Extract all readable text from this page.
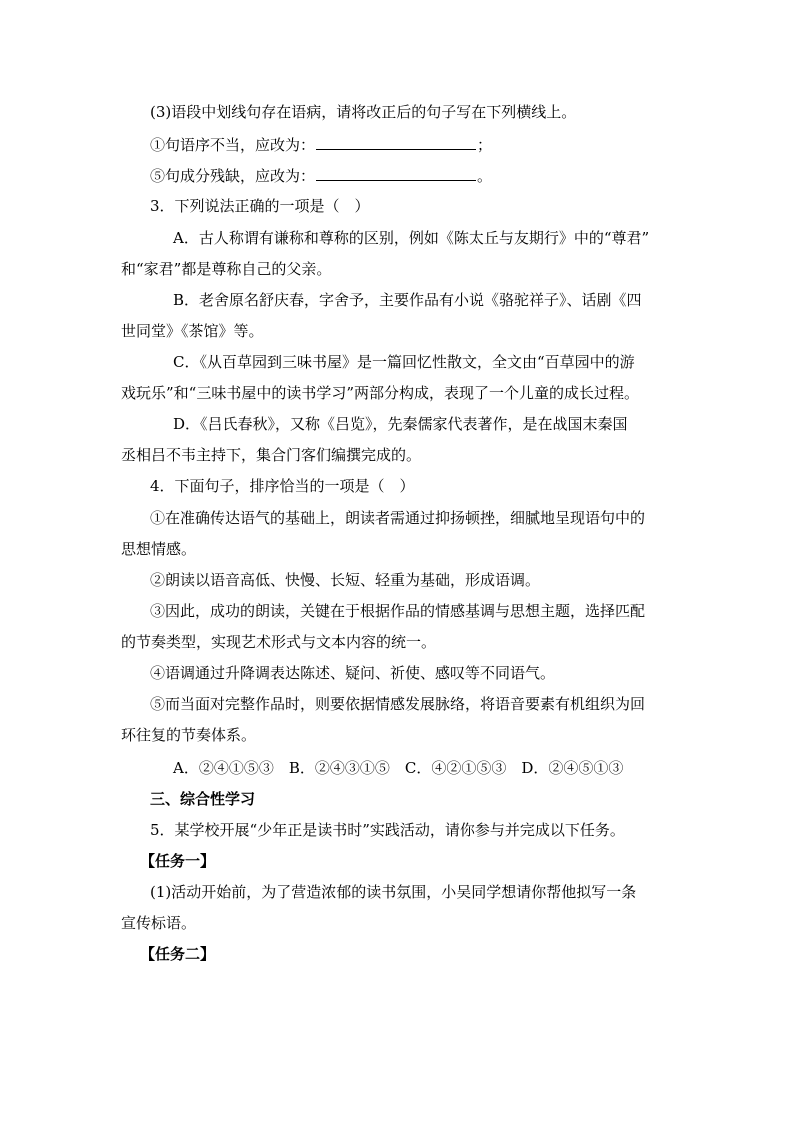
(3)语段中划线句存在语病，请将改正后的句子写在下列横线上。
①句语序不当，应改为：	；
⑤句成分残缺，应改为：	。
3．下列说法正确的一项是（　）
A．古人称谓有谦称和尊称的区别，例如《陈太丘与友期行》中的“尊君”
和“家君”都是尊称自己的父亲。
B．老舍原名舒庆春，字舍予，主要作品有小说《骆驼祥子》、话剧《四
世同堂》《茶馆》等。
C．《从百草园到三味书屋》是一篇回忆性散文，全文由“百草园中的游
戏玩乐”和“三味书屋中的读书学习”两部分构成，表现了一个儿童的成长过程。
D．《吕氏春秋》，又称《吕览》，先秦儒家代表著作，是在战国末秦国
丞相吕不韦主持下，集合门客们编撰完成的。
4．下面句子，排序恰当的一项是（　）
①在准确传达语气的基础上，朗读者需通过抑扬顿挫，细腻地呈现语句中的
思想情感。
②朗读以语音高低、快慢、长短、轻重为基础，形成语调。
③因此，成功的朗读，关键在于根据作品的情感基调与思想主题，选择匹配
的节奏类型，实现艺术形式与文本内容的统一。
④语调通过升降调表达陈述、疑问、祈使、感叹等不同语气。
⑤而当面对完整作品时，则要依据情感发展脉络，将语音要素有机组织为回
环往复的节奏体系。
A．②④①⑤③　B．②④③①⑤　C．④②①⑤③　D．②④⑤①③
三、综合性学习
5．某学校开展“少年正是读书时”实践活动，请你参与并完成以下任务。
【任务一】
(1)活动开始前，为了营造浓郁的读书氛围，小吴同学想请你帮他拟写一条
宣传标语。
【任务二】
